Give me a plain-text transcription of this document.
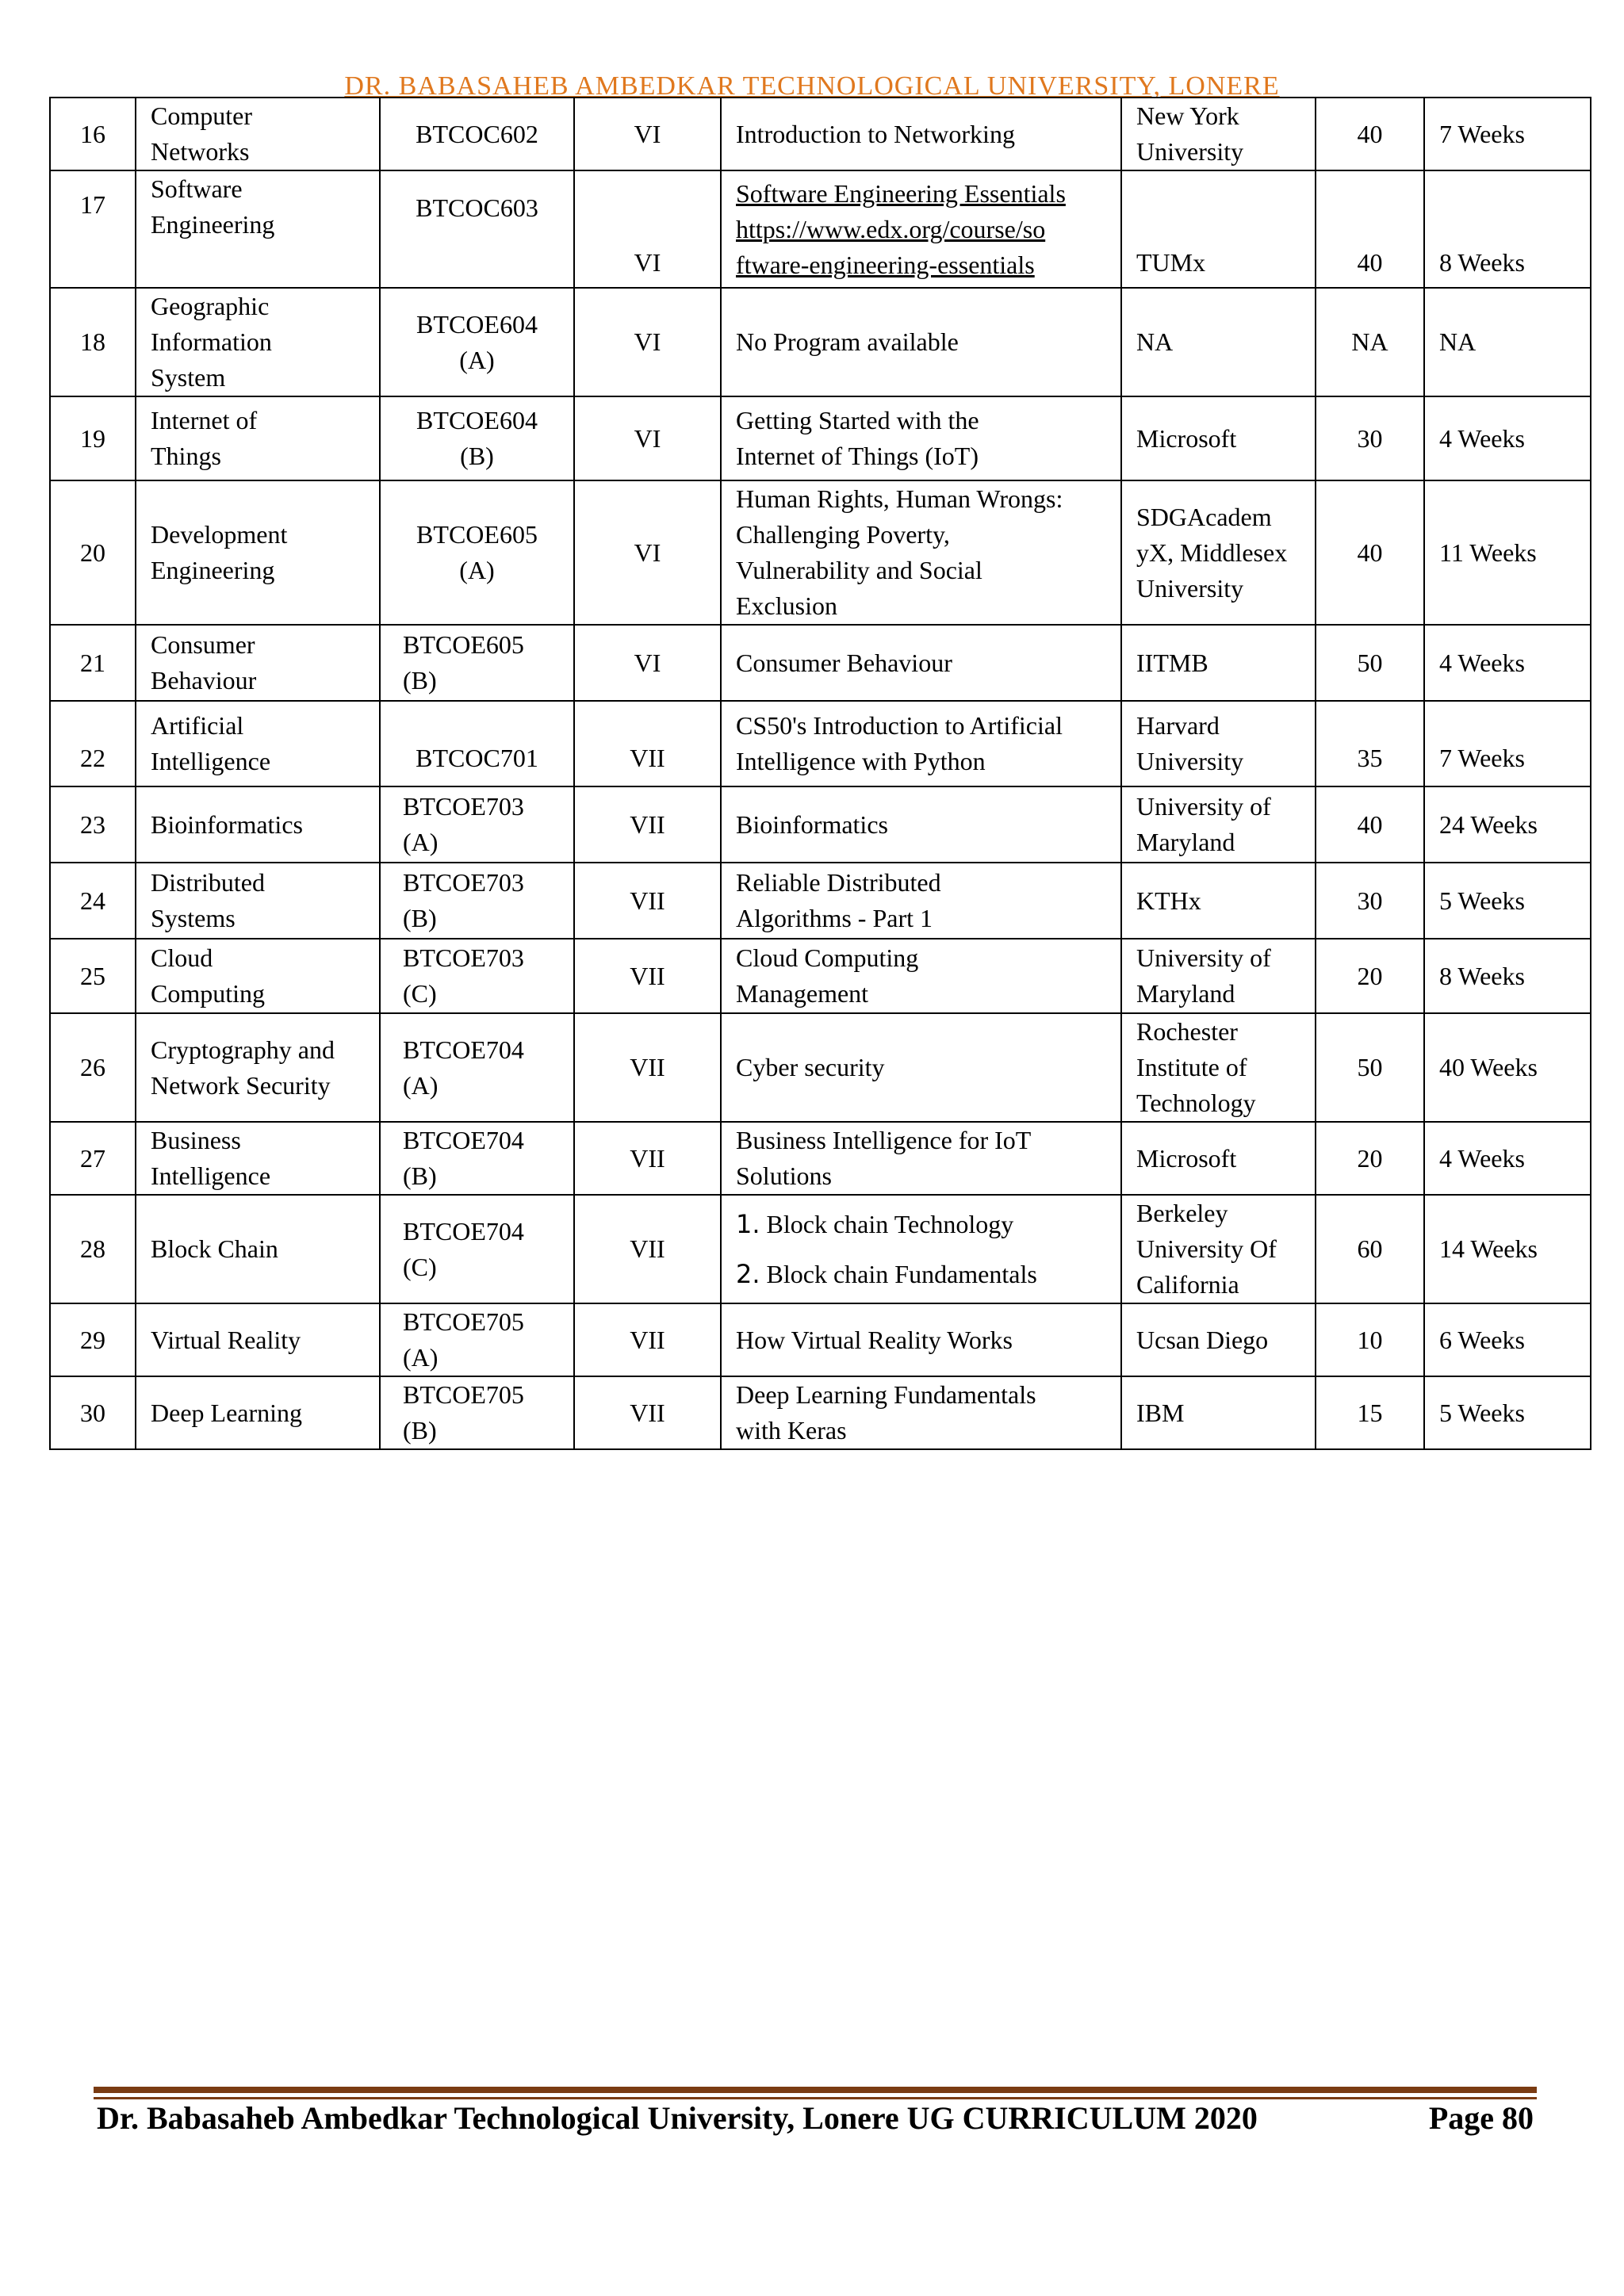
DR. BABASAHEB AMBEDKAR TECHNOLOGICAL UNIVERSITY, LONERE
16	Computer
Networks	BTCOC602	VI	Introduction to Networking	New York
University	40	7 Weeks
17	Software
Engineering	BTCOC603	VI	Software Engineering Essentials
https://www.edx.org/course/so
ftware-engineering-essentials	TUMx	40	8 Weeks
18	Geographic
Information
System	BTCOE604
(A)	VI	No Program available	NA	NA	NA
19	Internet of
Things	BTCOE604
(B)	VI	Getting Started with the
Internet of Things (IoT)	Microsoft	30	4 Weeks
20	Development
Engineering	BTCOE605
(A)	VI	Human Rights, Human Wrongs:
Challenging Poverty,
Vulnerability and Social
Exclusion	SDGAcadem
yX, Middlesex
University	40	11 Weeks
21	Consumer
Behaviour	BTCOE605
(B)	VI	Consumer Behaviour	IITMB	50	4 Weeks
22	Artificial
Intelligence	BTCOC701	VII	CS50's Introduction to Artificial
Intelligence with Python	Harvard
University	35	7 Weeks
23	Bioinformatics	BTCOE703
(A)	VII	Bioinformatics	University of
Maryland	40	24 Weeks
24	Distributed
Systems	BTCOE703
(B)	VII	Reliable Distributed
Algorithms - Part 1	KTHx	30	5 Weeks
25	Cloud
Computing	BTCOE703
(C)	VII	Cloud Computing
Management	University of
Maryland	20	8 Weeks
26	Cryptography and
Network Security	BTCOE704
(A)	VII	Cyber security	Rochester
Institute of
Technology	50	40 Weeks
27	Business
Intelligence	BTCOE704
(B)	VII	Business Intelligence for IoT
Solutions	Microsoft	20	4 Weeks
28	Block Chain	BTCOE704
(C)	VII	1. Block chain Technology
2. Block chain Fundamentals	Berkeley
University Of
California	60	14 Weeks
29	Virtual Reality	BTCOE705
(A)	VII	How Virtual Reality Works	Ucsan Diego	10	6 Weeks
30	Deep Learning	BTCOE705
(B)	VII	Deep Learning Fundamentals
with Keras	IBM	15	5 Weeks
Dr. Babasaheb Ambedkar Technological University, Lonere UG CURRICULUM 2020	Page 80
